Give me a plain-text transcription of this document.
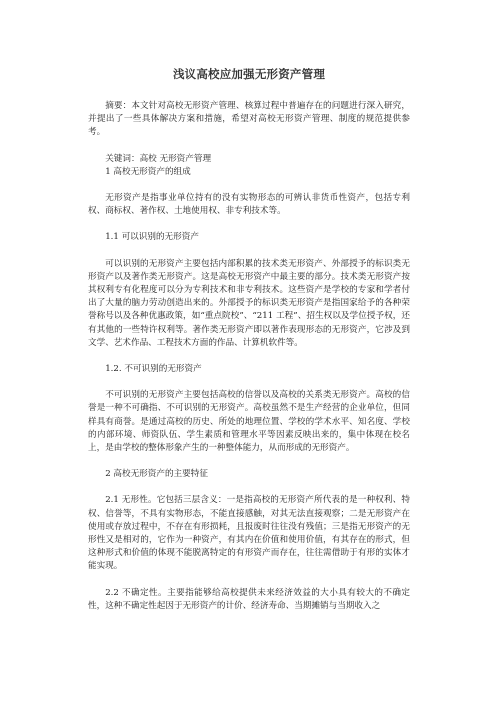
浅议高校应加强无形资产管理

摘要：本文针对高校无形资产管理、核算过程中普遍存在的问题进行深入研究，并提出了一些具体解决方案和措施，希望对高校无形资产管理、制度的规范提供参考。

关键词：高校 无形资产管理

1 高校无形资产的组成

无形资产是指事业单位持有的没有实物形态的可辨认非货币性资产，包括专利权、商标权、著作权、土地使用权、非专利技术等。

1.1 可以识别的无形资产

可以识别的无形资产主要包括内部积累的技术类无形资产、外部授予的标识类无形资产以及著作类无形资产。这是高校无形资产中最主要的部分。技术类无形资产按其权利专有化程度可以分为专利技术和非专利技术。这些资产是学校的专家和学者付出了大量的脑力劳动创造出来的。外部授予的标识类无形资产是指国家给予的各种荣誉称号以及各种优惠政策，如“重点院校”、“211 工程”、招生权以及学位授予权，还有其他的一些特许权利等。著作类无形资产即以著作表现形态的无形资产，它涉及到文学、艺术作品、工程技术方面的作品、计算机软件等。

1.2. 不可识别的无形资产

不可识别的无形资产主要包括高校的信誉以及高校的关系类无形资产。高校的信誉是一种不可确指、不可识别的无形资产。高校虽然不是生产经营的企业单位，但同样具有商誉。是通过高校的历史、所处的地理位置、学校的学术水平、知名度、学校的内部环境、师资队伍、学生素质和管理水平等因素反映出来的，集中体现在校名上，是由学校的整体形象产生的一种整体能力，从而形成的无形资产。

2 高校无形资产的主要特征

2.1 无形性。它包括三层含义：一是指高校的无形资产所代表的是一种权利、特权、信誉等，不具有实物形态，不能直接感触，对其无法直接观察；二是无形资产在使用或存放过程中，不存在有形损耗，且报废时往往没有残值；三是指无形资产的无形性又是相对的，它作为一种资产，有其内在价值和使用价值，有其存在的形式，但这种形式和价值的体现不能脱离特定的有形资产而存在，往往需借助于有形的实体才能实现。

2.2 不确定性。主要指能够给高校提供未来经济效益的大小具有较大的不确定性，这种不确定性起因于无形资产的计价、经济寿命、当期摊销与当期收入之
